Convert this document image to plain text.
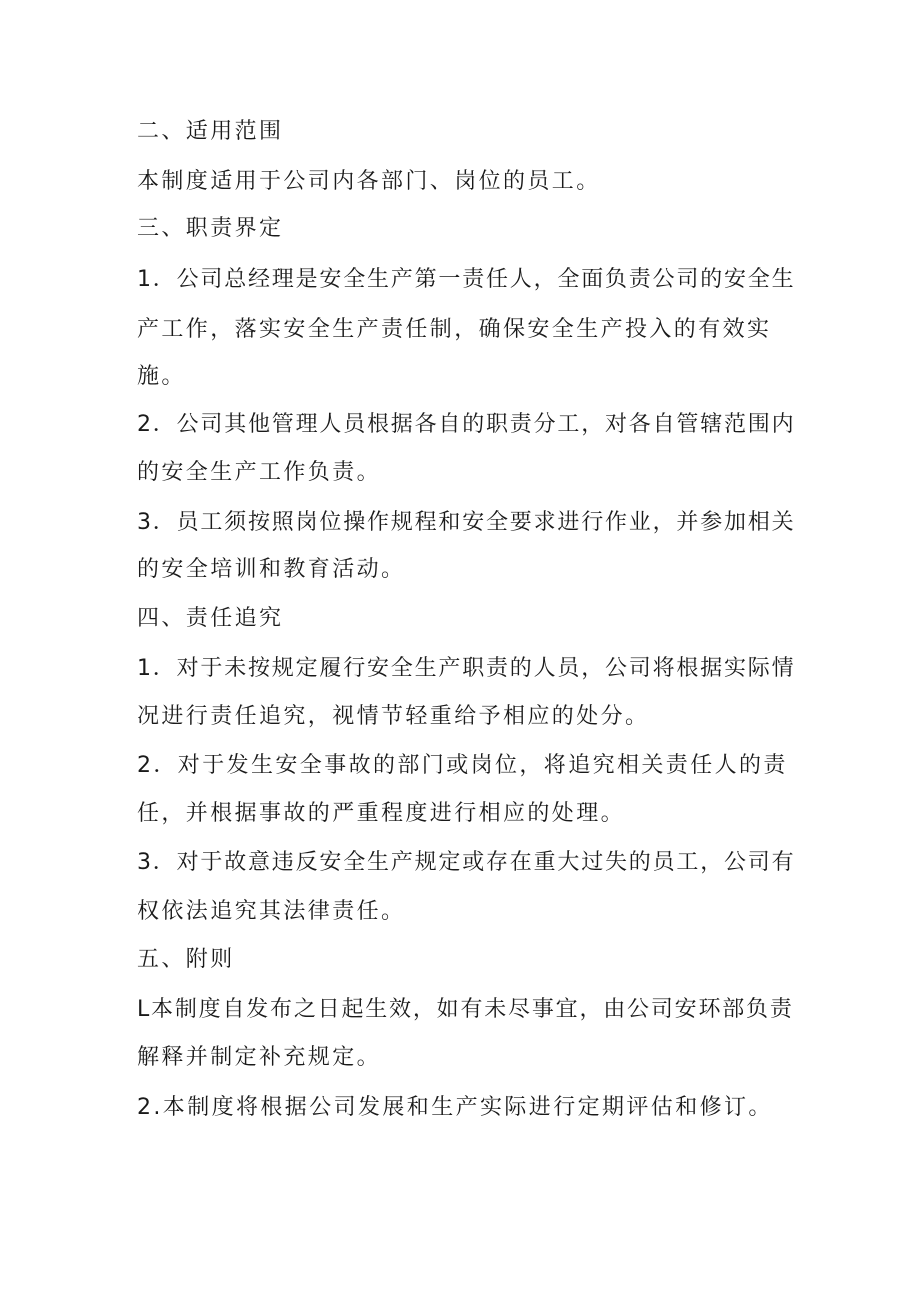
二、适用范围

本制度适用于公司内各部门、岗位的员工。

三、职责界定

1．公司总经理是安全生产第一责任人，全面负责公司的安全生

产工作，落实安全生产责任制，确保安全生产投入的有效实

施。

2．公司其他管理人员根据各自的职责分工，对各自管辖范围内

的安全生产工作负责。

3．员工须按照岗位操作规程和安全要求进行作业，并参加相关

的安全培训和教育活动。

四、责任追究

1．对于未按规定履行安全生产职责的人员，公司将根据实际情

况进行责任追究，视情节轻重给予相应的处分。

2．对于发生安全事故的部门或岗位，将追究相关责任人的责

任，并根据事故的严重程度进行相应的处理。

3．对于故意违反安全生产规定或存在重大过失的员工，公司有

权依法追究其法律责任。

五、附则

L本制度自发布之日起生效，如有未尽事宜，由公司安环部负责

解释并制定补充规定。

2.本制度将根据公司发展和生产实际进行定期评估和修订。
